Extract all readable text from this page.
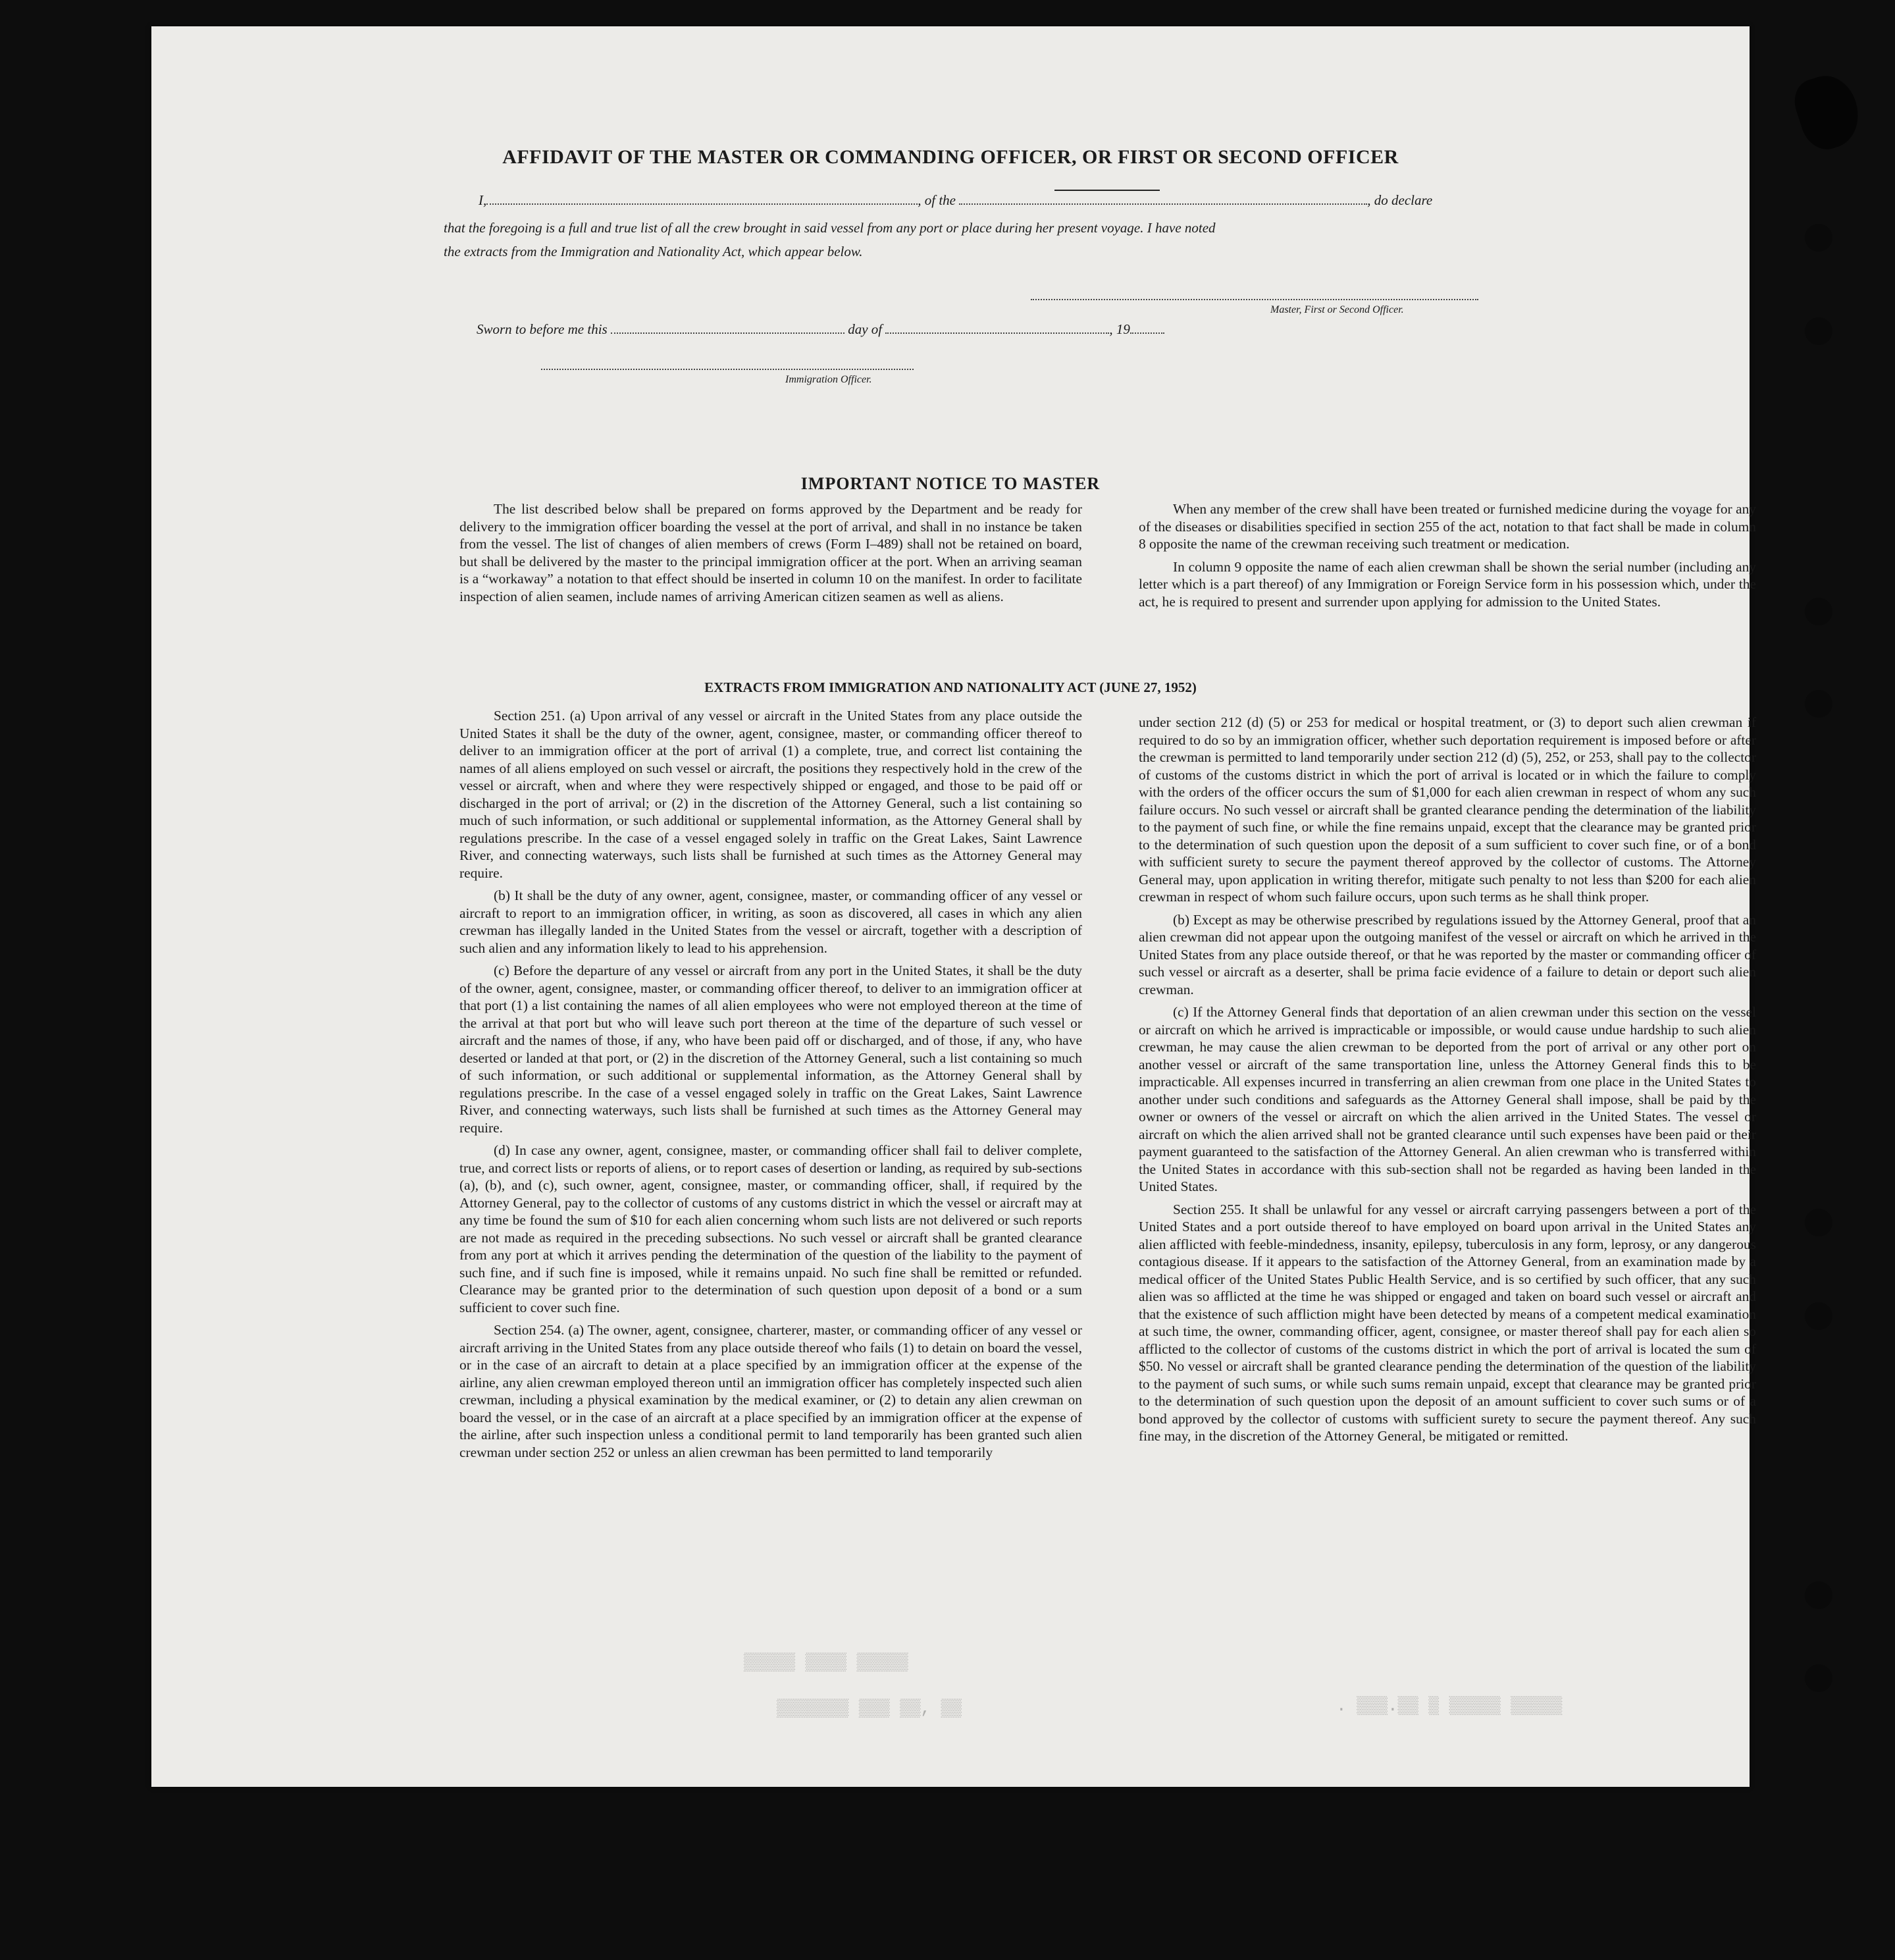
▒▒▒▒▒ ▒▒▒▒▒ ▒ ▒▒.▒▒▒ .
▒▒▒▒▒ ▒▒▒▒ ▒▒▒▒▒
▒▒▒▒▒▒▒ ▒▒▒ ▒▒, ▒▒
AFFIDAVIT OF THE MASTER OR COMMANDING OFFICER, OR FIRST OR SECOND OFFICER
I,	, of the	, do declare
that the foregoing is a full and true list of all the crew brought in said vessel from any port or place during her present voyage. I have noted
the extracts from the Immigration and Nationality Act, which appear below.
Master, First or Second Officer.
Sworn to before me this	day of	, 19
Immigration Officer.
IMPORTANT NOTICE TO MASTER

The list described below shall be prepared on forms approved by the Department and be ready for delivery to the immigration officer boarding the vessel at the port of arrival, and shall in no instance be taken from the vessel. The list of changes of alien members of crews (Form I–489) shall not be retained on board, but shall be delivered by the master to the principal immigration officer at the port. When an arriving seaman is a “workaway” a notation to that effect should be inserted in column 10 on the manifest. In order to facilitate inspection of alien seamen, include names of arriving American citizen seamen as well as aliens.

When any member of the crew shall have been treated or furnished medicine during the voyage for any of the diseases or disabilities specified in section 255 of the act, notation to that fact shall be made in column 8 opposite the name of the crewman receiving such treatment or medication.

In column 9 opposite the name of each alien crewman shall be shown the serial number (including any letter which is a part thereof) of any Immigration or Foreign Service form in his possession which, under the act, he is required to present and surrender upon applying for admission to the United States.

EXTRACTS FROM IMMIGRATION AND NATIONALITY ACT (JUNE 27, 1952)

Section 251. (a) Upon arrival of any vessel or aircraft in the United States from any place outside the United States it shall be the duty of the owner, agent, consignee, master, or commanding officer thereof to deliver to an immigration officer at the port of arrival (1) a complete, true, and correct list containing the names of all aliens employed on such vessel or aircraft, the positions they respectively hold in the crew of the vessel or aircraft, when and where they were respectively shipped or engaged, and those to be paid off or discharged in the port of arrival; or (2) in the discretion of the Attorney General, such a list containing so much of such information, or such additional or supplemental information, as the Attorney General shall by regulations prescribe. In the case of a vessel engaged solely in traffic on the Great Lakes, Saint Lawrence River, and connecting waterways, such lists shall be furnished at such times as the Attorney General may require.

(b) It shall be the duty of any owner, agent, consignee, master, or commanding officer of any vessel or aircraft to report to an immigration officer, in writing, as soon as discovered, all cases in which any alien crewman has illegally landed in the United States from the vessel or aircraft, together with a description of such alien and any information likely to lead to his apprehension.

(c) Before the departure of any vessel or aircraft from any port in the United States, it shall be the duty of the owner, agent, consignee, master, or commanding officer thereof, to deliver to an immigration officer at that port (1) a list containing the names of all alien employees who were not employed thereon at the time of the arrival at that port but who will leave such port thereon at the time of the departure of such vessel or aircraft and the names of those, if any, who have been paid off or discharged, and of those, if any, who have deserted or landed at that port, or (2) in the discretion of the Attorney General, such a list containing so much of such information, or such additional or supplemental information, as the Attorney General shall by regulations prescribe. In the case of a vessel engaged solely in traffic on the Great Lakes, Saint Lawrence River, and connecting waterways, such lists shall be furnished at such times as the Attorney General may require.

(d) In case any owner, agent, consignee, master, or commanding officer shall fail to deliver complete, true, and correct lists or reports of aliens, or to report cases of desertion or landing, as required by sub-sections (a), (b), and (c), such owner, agent, consignee, master, or commanding officer, shall, if required by the Attorney General, pay to the collector of customs of any customs district in which the vessel or aircraft may at any time be found the sum of $10 for each alien concerning whom such lists are not delivered or such reports are not made as required in the preceding subsections. No such vessel or aircraft shall be granted clearance from any port at which it arrives pending the determination of the question of the liability to the payment of such fine, and if such fine is imposed, while it remains unpaid. No such fine shall be remitted or refunded. Clearance may be granted prior to the determination of such question upon deposit of a bond or a sum sufficient to cover such fine.

Section 254. (a) The owner, agent, consignee, charterer, master, or commanding officer of any vessel or aircraft arriving in the United States from any place outside thereof who fails (1) to detain on board the vessel, or in the case of an aircraft to detain at a place specified by an immigration officer at the expense of the airline, any alien crewman employed thereon until an immigration officer has completely inspected such alien crewman, including a physical examination by the medical examiner, or (2) to detain any alien crewman on board the vessel, or in the case of an aircraft at a place specified by an immigration officer at the expense of the airline, after such inspection unless a conditional permit to land temporarily has been granted such alien crewman under section 252 or unless an alien crewman has been permitted to land temporarily

under section 212 (d) (5) or 253 for medical or hospital treatment, or (3) to deport such alien crewman if required to do so by an immigration officer, whether such deportation requirement is imposed before or after the crewman is permitted to land temporarily under section 212 (d) (5), 252, or 253, shall pay to the collector of customs of the customs district in which the port of arrival is located or in which the failure to comply with the orders of the officer occurs the sum of $1,000 for each alien crewman in respect of whom any such failure occurs. No such vessel or aircraft shall be granted clearance pending the determination of the liability to the payment of such fine, or while the fine remains unpaid, except that the clearance may be granted prior to the determination of such question upon the deposit of a sum sufficient to cover such fine, or of a bond with sufficient surety to secure the payment thereof approved by the collector of customs. The Attorney General may, upon application in writing therefor, mitigate such penalty to not less than $200 for each alien crewman in respect of whom such failure occurs, upon such terms as he shall think proper.

(b) Except as may be otherwise prescribed by regulations issued by the Attorney General, proof that an alien crewman did not appear upon the outgoing manifest of the vessel or aircraft on which he arrived in the United States from any place outside thereof, or that he was reported by the master or commanding officer of such vessel or aircraft as a deserter, shall be prima facie evidence of a failure to detain or deport such alien crewman.

(c) If the Attorney General finds that deportation of an alien crewman under this section on the vessel or aircraft on which he arrived is impracticable or impossible, or would cause undue hardship to such alien crewman, he may cause the alien crewman to be deported from the port of arrival or any other port on another vessel or aircraft of the same transportation line, unless the Attorney General finds this to be impracticable. All expenses incurred in transferring an alien crewman from one place in the United States to another under such conditions and safeguards as the Attorney General shall impose, shall be paid by the owner or owners of the vessel or aircraft on which the alien arrived in the United States. The vessel or aircraft on which the alien arrived shall not be granted clearance until such expenses have been paid or their payment guaranteed to the satisfaction of the Attorney General. An alien crewman who is transferred within the United States in accordance with this sub-section shall not be regarded as having been landed in the United States.

Section 255. It shall be unlawful for any vessel or aircraft carrying passengers between a port of the United States and a port outside thereof to have employed on board upon arrival in the United States any alien afflicted with feeble-mindedness, insanity, epilepsy, tuberculosis in any form, leprosy, or any dangerous contagious disease. If it appears to the satisfaction of the Attorney General, from an examination made by a medical officer of the United States Public Health Service, and is so certified by such officer, that any such alien was so afflicted at the time he was shipped or engaged and taken on board such vessel or aircraft and that the existence of such affliction might have been detected by means of a competent medical examination at such time, the owner, commanding officer, agent, consignee, or master thereof shall pay for each alien so afflicted to the collector of customs of the customs district in which the port of arrival is located the sum of $50. No vessel or aircraft shall be granted clearance pending the determination of the question of the liability to the payment of such sums, or while such sums remain unpaid, except that clearance may be granted prior to the determination of such question upon the deposit of an amount sufficient to cover such sums or of a bond approved by the collector of customs with sufficient surety to secure the payment thereof. Any such fine may, in the discretion of the Attorney General, be mitigated or remitted.
